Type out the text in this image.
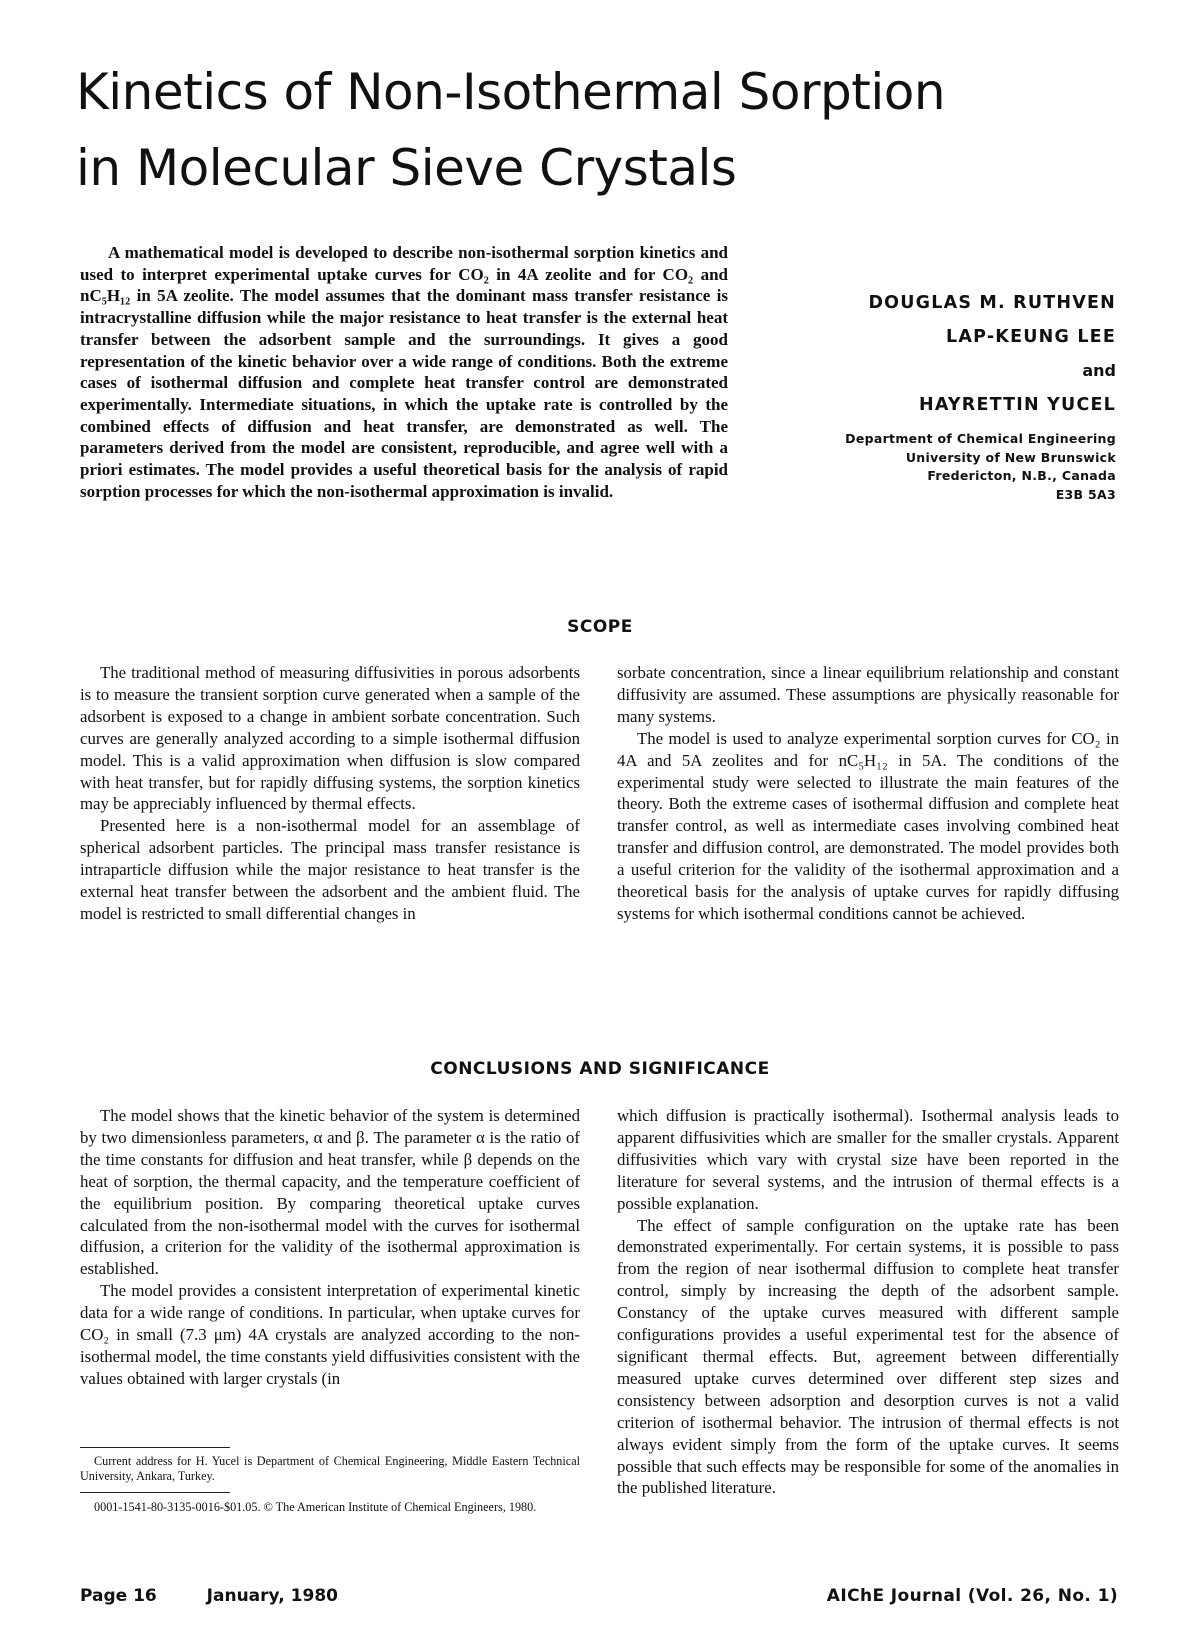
Kinetics of Non-Isothermal Sorption
in Molecular Sieve Crystals

A mathematical model is developed to describe non-isothermal sorption kinetics and used to interpret experimental uptake curves for CO₂ in 4A zeolite and for CO₂ and nC₅H₁₂ in 5A zeolite. The model assumes that the dominant mass transfer resistance is intracrystalline diffusion while the major resistance to heat transfer is the external heat transfer between the adsorbent sample and the surroundings. It gives a good representation of the kinetic behavior over a wide range of conditions. Both the extreme cases of isothermal diffusion and complete heat transfer control are demonstrated experimentally. Intermediate situations, in which the uptake rate is controlled by the combined effects of diffusion and heat transfer, are demonstrated as well. The parameters derived from the model are consistent, reproducible, and agree well with a priori estimates. The model provides a useful theoretical basis for the analysis of rapid sorption processes for which the non-isothermal approximation is invalid.

DOUGLAS M. RUTHVEN
LAP-KEUNG LEE
and
HAYRETTIN YUCEL
Department of Chemical Engineering
University of New Brunswick
Fredericton, N.B., Canada
E3B 5A3
SCOPE

The traditional method of measuring diffusivities in porous adsorbents is to measure the transient sorption curve generated when a sample of the adsorbent is exposed to a change in ambient sorbate concentration. Such curves are generally analyzed according to a simple isothermal diffusion model. This is a valid approximation when diffusion is slow compared with heat transfer, but for rapidly diffusing systems, the sorption kinetics may be appreciably influenced by thermal effects.

Presented here is a non-isothermal model for an assemblage of spherical adsorbent particles. The principal mass transfer resistance is intraparticle diffusion while the major resistance to heat transfer is the external heat transfer between the adsorbent and the ambient fluid. The model is restricted to small differential changes in

sorbate concentration, since a linear equilibrium relationship and constant diffusivity are assumed. These assumptions are physically reasonable for many systems.

The model is used to analyze experimental sorption curves for CO₂ in 4A and 5A zeolites and for nC₅H₁₂ in 5A. The conditions of the experimental study were selected to illustrate the main features of the theory. Both the extreme cases of isothermal diffusion and complete heat transfer control, as well as intermediate cases involving combined heat transfer and diffusion control, are demonstrated. The model provides both a useful criterion for the validity of the isothermal approximation and a theoretical basis for the analysis of uptake curves for rapidly diffusing systems for which isothermal conditions cannot be achieved.

CONCLUSIONS AND SIGNIFICANCE

The model shows that the kinetic behavior of the system is determined by two dimensionless parameters, α and β. The parameter α is the ratio of the time constants for diffusion and heat transfer, while β depends on the heat of sorption, the thermal capacity, and the temperature coefficient of the equilibrium position. By comparing theoretical uptake curves calculated from the non-isothermal model with the curves for isothermal diffusion, a criterion for the validity of the isothermal approximation is established.

The model provides a consistent interpretation of experimental kinetic data for a wide range of conditions. In particular, when uptake curves for CO₂ in small (7.3 μm) 4A crystals are analyzed according to the non-isothermal model, the time constants yield diffusivities consistent with the values obtained with larger crystals (in

which diffusion is practically isothermal). Isothermal analysis leads to apparent diffusivities which are smaller for the smaller crystals. Apparent diffusivities which vary with crystal size have been reported in the literature for several systems, and the intrusion of thermal effects is a possible explanation.

The effect of sample configuration on the uptake rate has been demonstrated experimentally. For certain systems, it is possible to pass from the region of near isothermal diffusion to complete heat transfer control, simply by increasing the depth of the adsorbent sample. Constancy of the uptake curves measured with different sample configurations provides a useful experimental test for the absence of significant thermal effects. But, agreement between differentially measured uptake curves determined over different step sizes and consistency between adsorption and desorption curves is not a valid criterion of isothermal behavior. The intrusion of thermal effects is not always evident simply from the form of the uptake curves. It seems possible that such effects may be responsible for some of the anomalies in the published literature.

Current address for H. Yucel is Department of Chemical Engineering, Middle Eastern Technical University, Ankara, Turkey.

0001-1541-80-3135-0016-$01.05. © The American Institute of Chemical Engineers, 1980.

Page 16	January, 1980	AIChE Journal (Vol. 26, No. 1)
